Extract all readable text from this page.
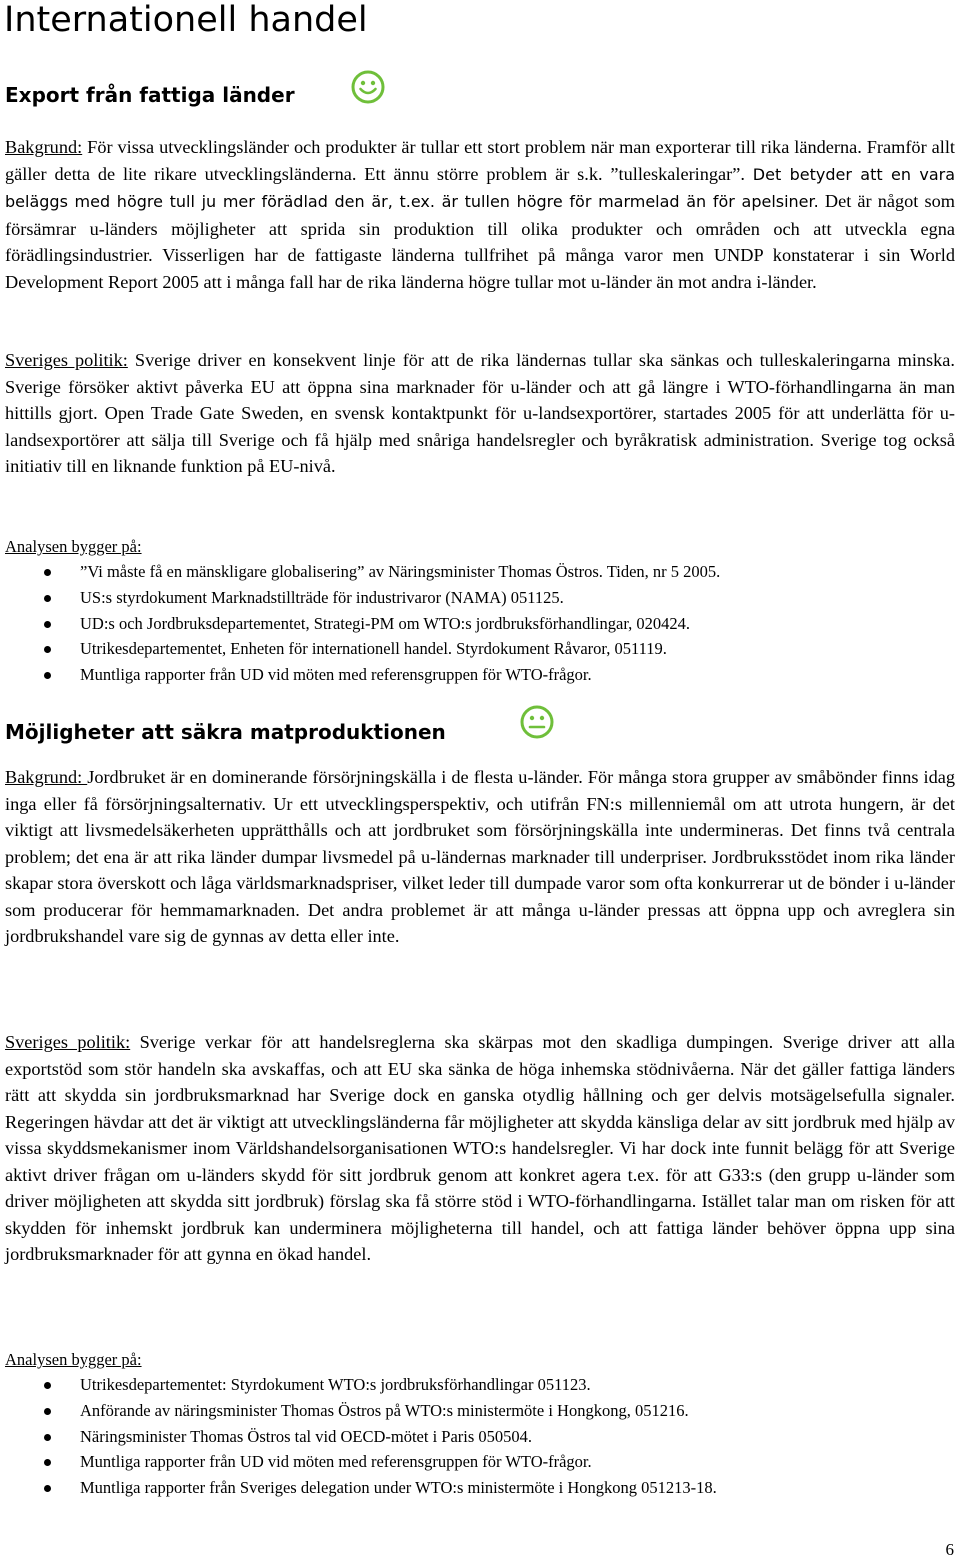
Internationell handel
Export från fattiga länder

Bakgrund: För vissa utvecklingsländer och produkter är tullar ett stort problem när man exporterar till rika länderna. Framför allt gäller detta de lite rikare utvecklingsländerna. Ett ännu större problem är s.k. ”tulleskaleringar”. Det betyder att en vara beläggs med högre tull ju mer förädlad den är, t.ex. är tullen högre för marmelad än för apelsiner. Det är något som försämrar u-länders möjligheter att sprida sin produktion till olika produkter och områden och att utveckla egna förädlingsindustrier. Visserligen har de fattigaste länderna tullfrihet på många varor men UNDP konstaterar i sin World Development Report 2005 att i många fall har de rika länderna högre tullar mot u-länder än mot andra i-länder.

Sveriges politik: Sverige driver en konsekvent linje för att de rika ländernas tullar ska sänkas och tulleskaleringarna minska. Sverige försöker aktivt påverka EU att öppna sina marknader för u-länder och att gå längre i WTO-förhandlingarna än man hittills gjort. Open Trade Gate Sweden, en svensk kontaktpunkt för u-landsexportörer, startades 2005 för att underlätta för u-landsexportörer att sälja till Sverige och få hjälp med snåriga handelsregler och byråkratisk administration. Sverige tog också initiativ till en liknande funktion på EU-nivå.

Analysen bygger på:

”Vi måste få en mänskligare globalisering” av Näringsminister Thomas Östros. Tiden, nr 5 2005.
US:s styrdokument Marknadstillträde för industrivaror (NAMA) 051125.
UD:s och Jordbruksdepartementet, Strategi-PM om WTO:s jordbruksförhandlingar, 020424.
Utrikesdepartementet, Enheten för internationell handel. Styrdokument Råvaror, 051119.
Muntliga rapporter från UD vid möten med referensgruppen för WTO-frågor.
Möjligheter att säkra matproduktionen

Bakgrund: Jordbruket är en dominerande försörjningskälla i de flesta u-länder. För många stora grupper av småbönder finns idag inga eller få försörjningsalternativ. Ur ett utvecklingsperspektiv, och utifrån FN:s millenniemål om att utrota hungern, är det viktigt att livsmedelsäkerheten upprätthålls och att jordbruket som försörjningskälla inte undermineras. Det finns två centrala problem; det ena är att rika länder dumpar livsmedel på u-ländernas marknader till underpriser. Jordbruksstödet inom rika länder skapar stora överskott och låga världsmarknadspriser, vilket leder till dumpade varor som ofta konkurrerar ut de bönder i u-länder som producerar för hemmamarknaden. Det andra problemet är att många u-länder pressas att öppna upp och avreglera sin jordbrukshandel vare sig de gynnas av detta eller inte.

Sveriges politik: Sverige verkar för att handelsreglerna ska skärpas mot den skadliga dumpingen. Sverige driver att alla exportstöd som stör handeln ska avskaffas, och att EU ska sänka de höga inhemska stödnivåerna. När det gäller fattiga länders rätt att skydda sin jordbruksmarknad har Sverige dock en ganska otydlig hållning och ger delvis motsägelsefulla signaler. Regeringen hävdar att det är viktigt att utvecklingsländerna får möjligheter att skydda känsliga delar av sitt jordbruk med hjälp av vissa skyddsmekanismer inom Världshandelsorganisationen WTO:s handelsregler. Vi har dock inte funnit belägg för att Sverige aktivt driver frågan om u-länders skydd för sitt jordbruk genom att konkret agera t.ex. för att G33:s (den grupp u-länder som driver möjligheten att skydda sitt jordbruk) förslag ska få större stöd i WTO-förhandlingarna. Istället talar man om risken för att skydden för inhemskt jordbruk kan underminera möjligheterna till handel, och att fattiga länder behöver öppna upp sina jordbruksmarknader för att gynna en ökad handel.

Analysen bygger på:

Utrikesdepartementet: Styrdokument WTO:s jordbruksförhandlingar 051123.
Anförande av näringsminister Thomas Östros på WTO:s ministermöte i Hongkong, 051216.
Näringsminister Thomas Östros tal vid OECD-mötet i Paris 050504.
Muntliga rapporter från UD vid möten med referensgruppen för WTO-frågor.
Muntliga rapporter från Sveriges delegation under WTO:s ministermöte i Hongkong 051213-18.

6
